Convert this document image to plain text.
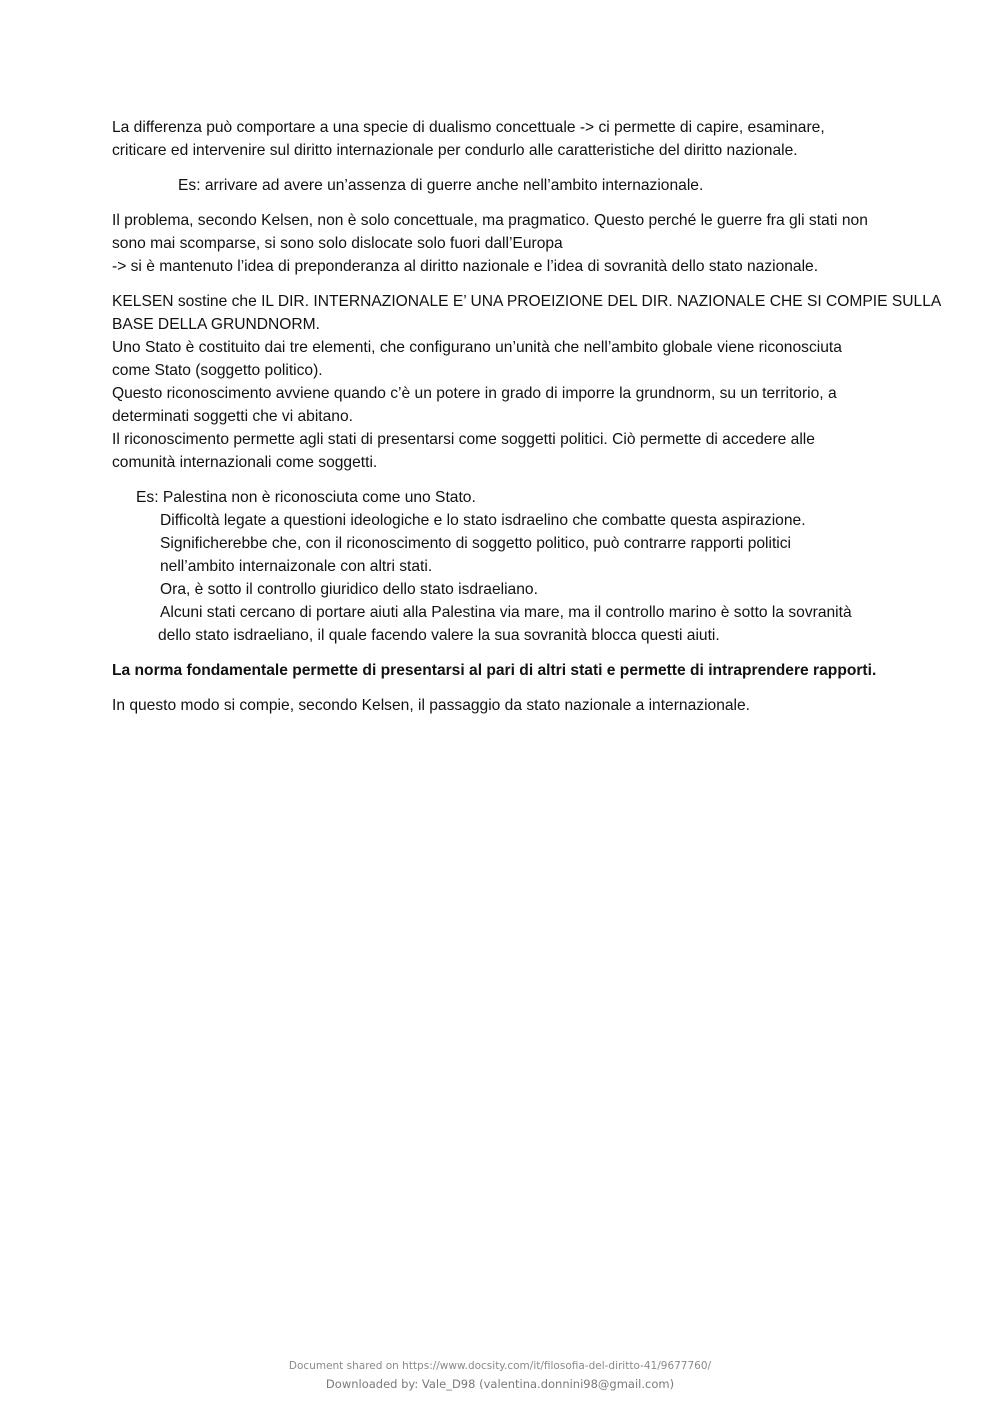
La differenza può comportare a una specie di dualismo concettuale -> ci permette di capire, esaminare,
criticare ed intervenire sul diritto internazionale per condurlo alle caratteristiche del diritto nazionale.
Es: arrivare ad avere un’assenza di guerre anche nell’ambito internazionale.
Il problema, secondo Kelsen, non è solo concettuale, ma pragmatico. Questo perché le guerre fra gli stati non
sono mai scomparse, si sono solo dislocate solo fuori dall’Europa
-> si è mantenuto l’idea di preponderanza al diritto nazionale e l’idea di sovranità dello stato nazionale.
KELSEN sostine che IL DIR. INTERNAZIONALE E’ UNA PROEIZIONE DEL DIR. NAZIONALE CHE SI COMPIE SULLA
BASE DELLA GRUNDNORM.
Uno Stato è costituito dai tre elementi, che configurano un’unità che nell’ambito globale viene riconosciuta
come Stato (soggetto politico).
Questo riconoscimento avviene quando c’è un potere in grado di imporre la grundnorm, su un territorio, a
determinati soggetti che vi abitano.
Il riconoscimento permette agli stati di presentarsi come soggetti politici. Ciò permette di accedere alle
comunità internazionali come soggetti.
Es: Palestina non è riconosciuta come uno Stato.
Difficoltà legate a questioni ideologiche e lo stato isdraelino che combatte questa aspirazione.
Significherebbe che, con il riconoscimento di soggetto politico, può contrarre rapporti politici
nell’ambito internaizonale con altri stati.
Ora, è sotto il controllo giuridico dello stato isdraeliano.
Alcuni stati cercano di portare aiuti alla Palestina via mare, ma il controllo marino è sotto la sovranità
dello stato isdraeliano, il quale facendo valere la sua sovranità blocca questi aiuti.
La norma fondamentale permette di presentarsi al pari di altri stati e permette di intraprendere rapporti.
In questo modo si compie, secondo Kelsen, il passaggio da stato nazionale a internazionale.
Document shared on https://www.docsity.com/it/filosofia-del-diritto-41/9677760/
Downloaded by: Vale_D98 (valentina.donnini98@gmail.com)
